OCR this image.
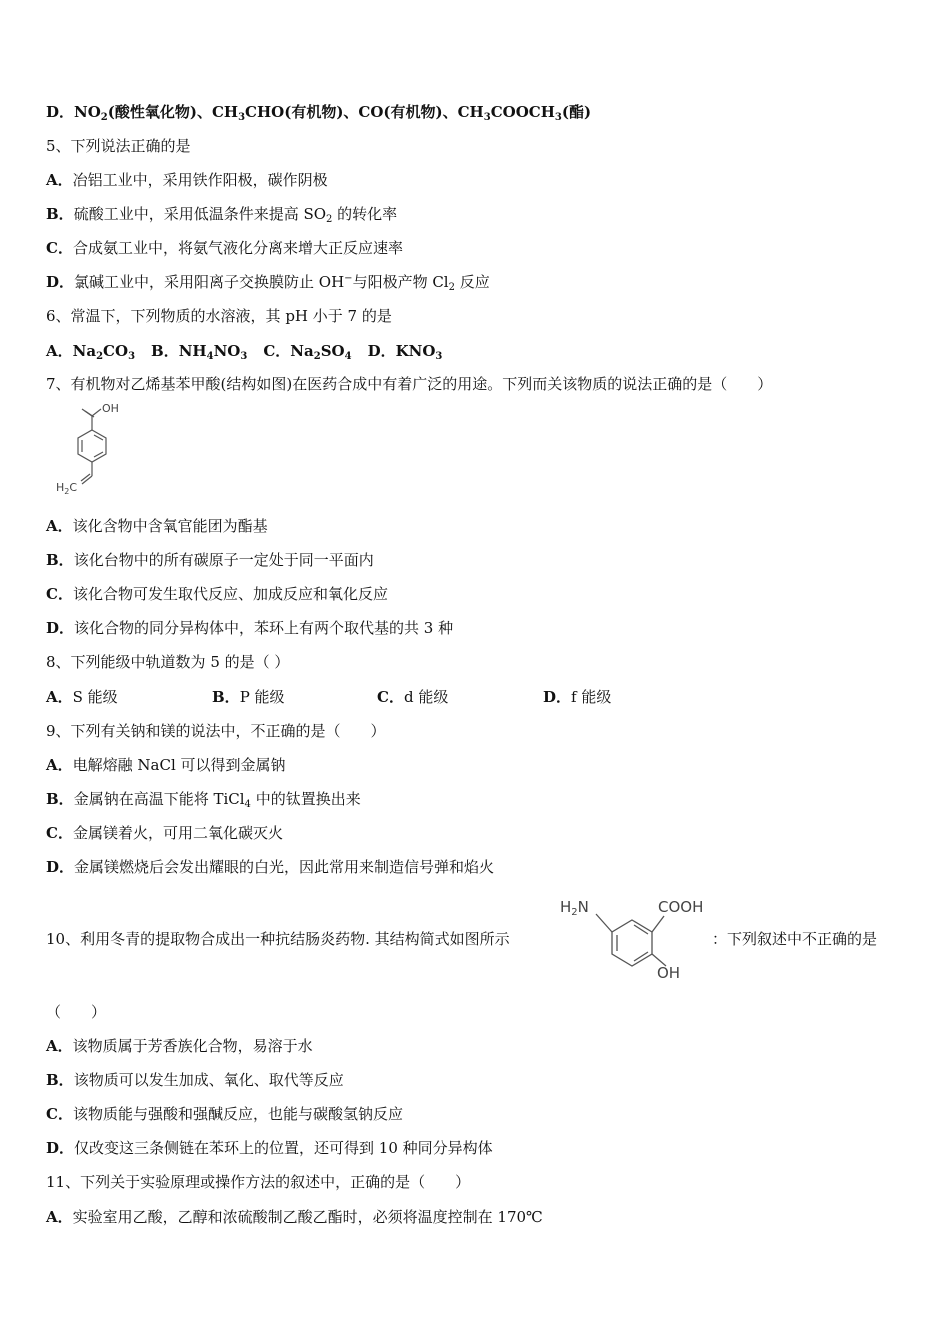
D．$NO_2$(酸性氧化物)、$CH_3CHO$(有机物)、CO(有机物)、$CH_3COOCH_3$(酯)
5、下列说法正确的是
A．冶铝工业中，采用铁作阳极，碳作阴极
B．硫酸工业中，采用低温条件来提高 $SO_2$ 的转化率
C．合成氨工业中，将氨气液化分离来增大正反应速率
D．氯碱工业中，采用阳离子交换膜防止 OH−与阳极产物 $Cl_2$ 反应
6、常温下，下列物质的水溶液，其 pH 小于 7 的是
A．$Na_2CO_3$ B．$NH_4NO_3$ C．$Na_2SO_4$ D．$KNO_3$
7、有机物对乙烯基苯甲酸(结构如图)在医药合成中有着广泛的用途。下列而关该物质的说法正确的是（　　）
OH
$H_2C$
A．该化含物中含氧官能团为酯基
B．该化台物中的所有碳原子一定处于同一平面内
C．该化合物可发生取代反应、加成反应和氧化反应
D．该化合物的同分异构体中，苯环上有两个取代基的共 3 种
8、下列能级中轨道数为 5 的是（ ）
A．S 能级	B．P 能级	C．d 能级	D．f 能级
9、下列有关钠和镁的说法中，不正确的是（　　）
A．电解熔融 NaCl 可以得到金属钠
B．金属钠在高温下能将 TiCl$_4$ 中的钛置换出来
C．金属镁着火，可用二氧化碳灭火
D．金属镁燃烧后会发出耀眼的白光，因此常用来制造信号弹和焰火
10、利用冬青的提取物合成出一种抗结肠炎药物. 其结构简式如图所示
$H_2N$	COOH
OH
：下列叙述中不正确的是
（　　）
A．该物质属于芳香族化合物，易溶于水
B．该物质可以发生加成、氧化、取代等反应
C．该物质能与强酸和强醎反应，也能与碳酸氢钠反应
D．仅改变这三条侧链在苯环上的位置，还可得到 10 种同分异构体
11、下列关于实验原理或操作方法的叙述中，正确的是（　　）
A．实验室用乙酸，乙醇和浓硫酸制乙酸乙酯时，必须将温度控制在 170℃
